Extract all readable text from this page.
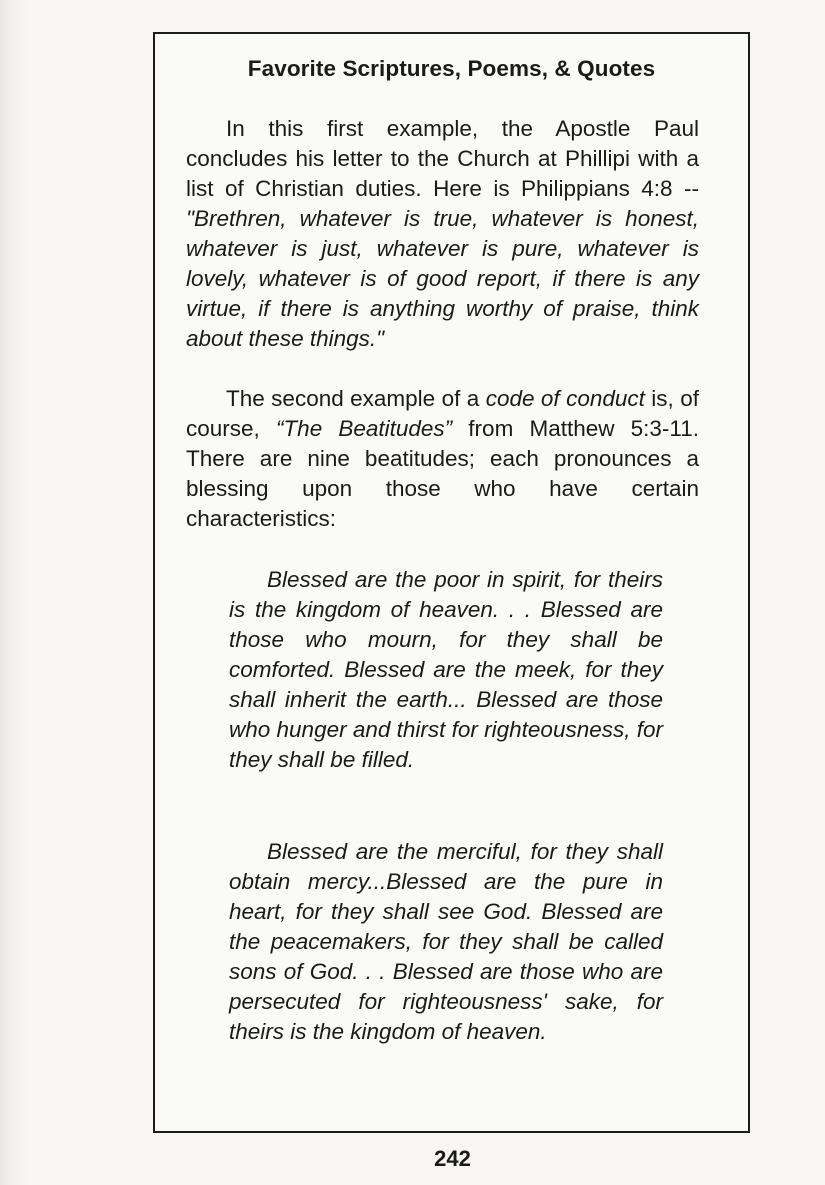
Favorite Scriptures, Poems, & Quotes

In this first example, the Apostle Paul concludes his letter to the Church at Phillipi with a list of Christian duties. Here is Philippians 4:8 --"Brethren, whatever is true, whatever is honest, whatever is just, whatever is pure, whatever is lovely, whatever is of good report, if there is any virtue, if there is anything worthy of praise, think about these things."

The second example of a code of conduct is, of course, “The Beatitudes” from Matthew 5:3-11. There are nine beatitudes; each pronounces a blessing upon those who have certain characteristics:

Blessed are the poor in spirit, for theirs is the kingdom of heaven. . . Blessed are those who mourn, for they shall be comforted. Blessed are the meek, for they shall inherit the earth... Blessed are those who hunger and thirst for righteousness, for they shall be filled.

Blessed are the merciful, for they shall obtain mercy...Blessed are the pure in heart, for they shall see God. Blessed are the peacemakers, for they shall be called sons of God. . . Blessed are those who are persecuted for righteousness' sake, for theirs is the kingdom of heaven.

242
